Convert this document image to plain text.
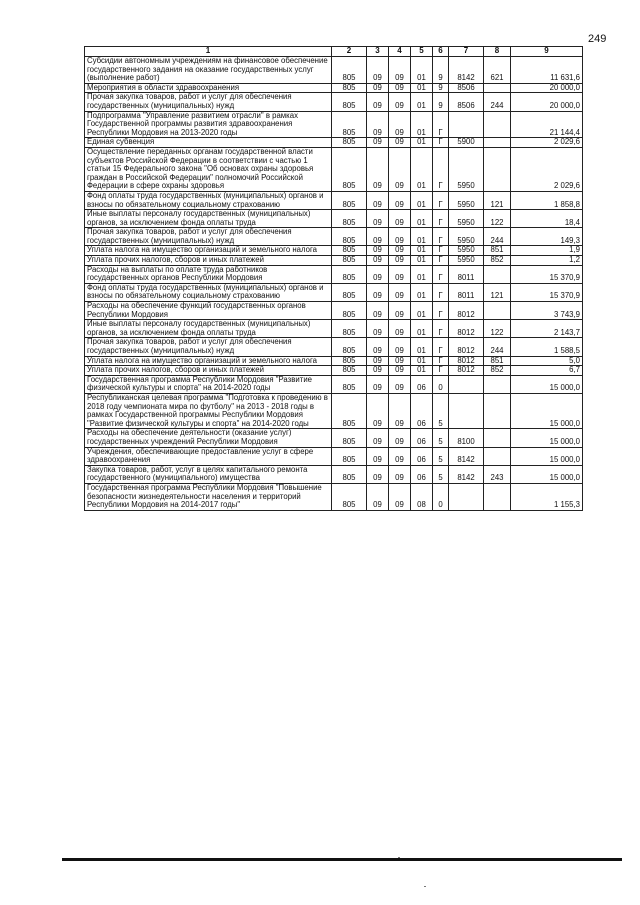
249
1	2	3	4	5	6	7	8	9
Субсидии автономным учреждениям на финансовое обеспечение государственного задания на оказание государственных услуг (выполнение работ)	805	09	09	01	9	8142	621	11 631,6
Мероприятия в области здравоохранения	805	09	09	01	9	8506		20 000,0
Прочая закупка товаров, работ и услуг для обеспечения государственных (муниципальных) нужд	805	09	09	01	9	8506	244	20 000,0
Подпрограмма "Управление развитием отрасли" в рамках Государственной программы развития здравоохранения Республики Мордовия на 2013-2020 годы	805	09	09	01	Г			21 144,4
Единая субвенция	805	09	09	01	Г	5900		2 029,6
Осуществление переданных органам государственной власти субъектов Российской Федерации в соответствии с частью 1 статьи 15 Федерального закона "Об основах охраны здоровья граждан в Российской Федерации" полномочий Российской Федерации в сфере охраны здоровья	805	09	09	01	Г	5950		2 029,6
Фонд оплаты труда государственных (муниципальных) органов и взносы по обязательному социальному страхованию	805	09	09	01	Г	5950	121	1 858,8
Иные выплаты персоналу государственных (муниципальных) органов, за исключением фонда оплаты труда	805	09	09	01	Г	5950	122	18,4
Прочая закупка товаров, работ и услуг для обеспечения государственных (муниципальных) нужд	805	09	09	01	Г	5950	244	149,3
Уплата налога на имущество организаций и земельного налога	805	09	09	01	Г	5950	851	1,9
Уплата прочих налогов, сборов и иных платежей	805	09	09	01	Г	5950	852	1,2
Расходы на выплаты по оплате труда работников государственных органов Республики Мордовия	805	09	09	01	Г	8011		15 370,9
Фонд оплаты труда государственных (муниципальных) органов и взносы по обязательному социальному страхованию	805	09	09	01	Г	8011	121	15 370,9
Расходы на обеспечение функций государственных органов Республики Мордовия	805	09	09	01	Г	8012		3 743,9
Иные выплаты персоналу государственных (муниципальных) органов, за исключением фонда оплаты труда	805	09	09	01	Г	8012	122	2 143,7
Прочая закупка товаров, работ и услуг для обеспечения государственных (муниципальных) нужд	805	09	09	01	Г	8012	244	1 588,5
Уплата налога на имущество организаций и земельного налога	805	09	09	01	Г	8012	851	5,0
Уплата прочих налогов, сборов и иных платежей	805	09	09	01	Г	8012	852	6,7
Государственная программа Республики Мордовия "Развитие физической культуры и спорта" на 2014-2020 годы	805	09	09	06	0			15 000,0
Республиканская целевая программа "Подготовка к проведению в 2018 году чемпионата мира по футболу" на 2013 - 2018 годы в рамках Государственной программы Республики Мордовия "Развитие физической культуры и спорта" на 2014-2020 годы	805	09	09	06	5			15 000,0
Расходы на обеспечение деятельности (оказание услуг) государственных учреждений Республики Мордовия	805	09	09	06	5	8100		15 000,0
Учреждения, обеспечивающие предоставление услуг в сфере здравоохранения	805	09	09	06	5	8142		15 000,0
Закупка товаров, работ, услуг в целях капитального ремонта государственного (муниципального) имущества	805	09	09	06	5	8142	243	15 000,0
Государственная программа Республики Мордовия "Повышение безопасности жизнедеятельности населения и территорий Республики Мордовия на 2014-2017 годы"	805	09	09	08	0			1 155,3
